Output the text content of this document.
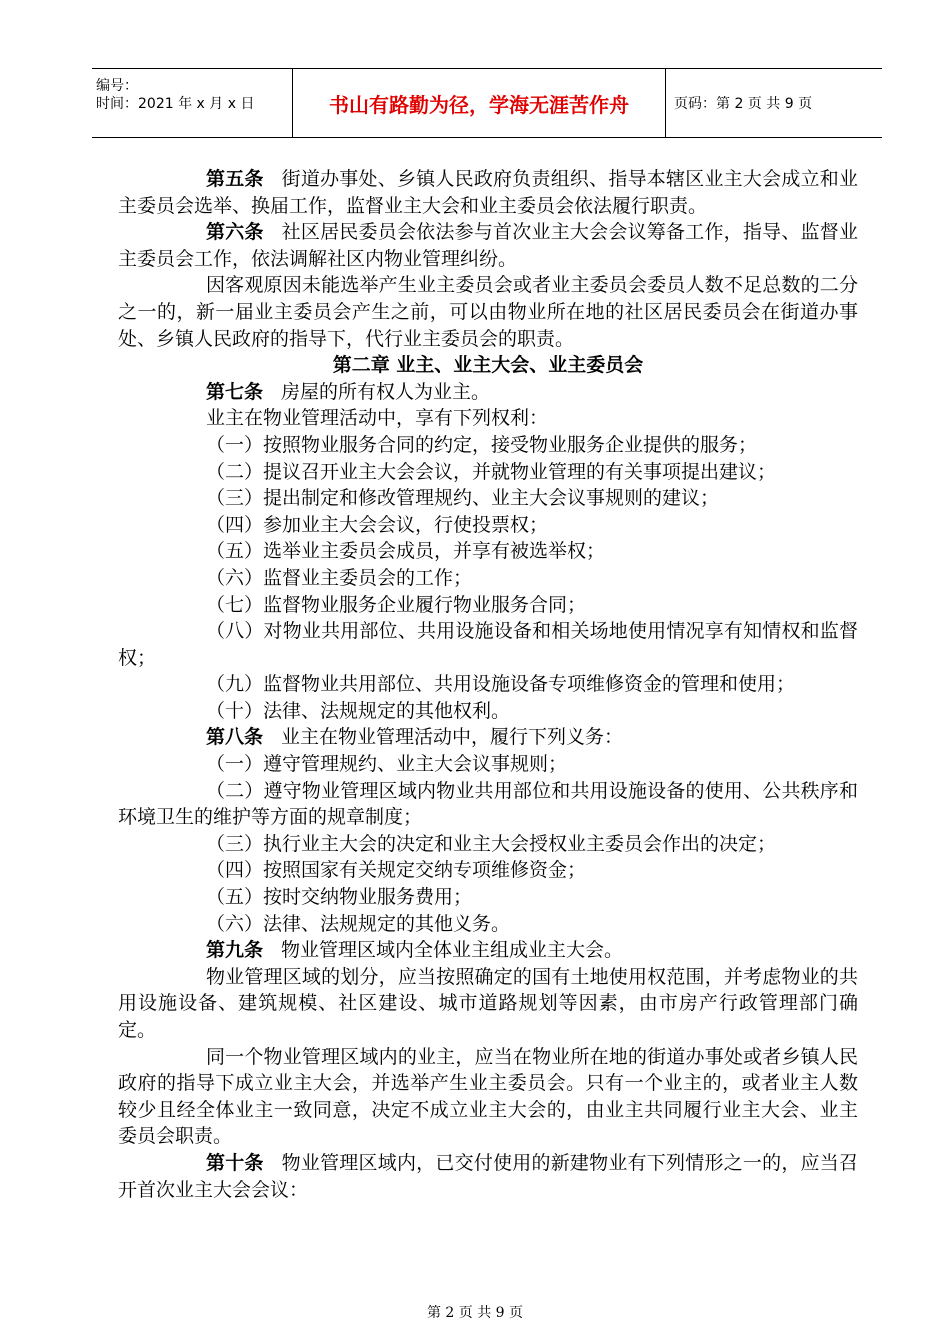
编号：
时间：2021 年 x 月 x 日	书山有路勤为径，学海无涯苦作舟	页码：第 2 页 共 9 页

第五条 街道办事处、乡镇人民政府负责组织、指导本辖区业主大会成立和业主委员会选举、换届工作，监督业主大会和业主委员会依法履行职责。

第六条 社区居民委员会依法参与首次业主大会会议筹备工作，指导、监督业主委员会工作，依法调解社区内物业管理纠纷。

因客观原因未能选举产生业主委员会或者业主委员会委员人数不足总数的二分之一的，新一届业主委员会产生之前，可以由物业所在地的社区居民委员会在街道办事处、乡镇人民政府的指导下，代行业主委员会的职责。

第二章 业主、业主大会、业主委员会

第七条 房屋的所有权人为业主。

业主在物业管理活动中，享有下列权利：

（一）按照物业服务合同的约定，接受物业服务企业提供的服务；

（二）提议召开业主大会会议，并就物业管理的有关事项提出建议；

（三）提出制定和修改管理规约、业主大会议事规则的建议；

（四）参加业主大会会议，行使投票权；

（五）选举业主委员会成员，并享有被选举权；

（六）监督业主委员会的工作；

（七）监督物业服务企业履行物业服务合同；

（八）对物业共用部位、共用设施设备和相关场地使用情况享有知情权和监督权；

（九）监督物业共用部位、共用设施设备专项维修资金的管理和使用；

（十）法律、法规规定的其他权利。

第八条 业主在物业管理活动中，履行下列义务：

（一）遵守管理规约、业主大会议事规则；

（二）遵守物业管理区域内物业共用部位和共用设施设备的使用、公共秩序和环境卫生的维护等方面的规章制度；

（三）执行业主大会的决定和业主大会授权业主委员会作出的决定；

（四）按照国家有关规定交纳专项维修资金；

（五）按时交纳物业服务费用；

（六）法律、法规规定的其他义务。

第九条 物业管理区域内全体业主组成业主大会。

物业管理区域的划分，应当按照确定的国有土地使用权范围，并考虑物业的共用设施设备、建筑规模、社区建设、城市道路规划等因素，由市房产行政管理部门确定。

同一个物业管理区域内的业主，应当在物业所在地的街道办事处或者乡镇人民政府的指导下成立业主大会，并选举产生业主委员会。只有一个业主的，或者业主人数较少且经全体业主一致同意，决定不成立业主大会的，由业主共同履行业主大会、业主委员会职责。

第十条 物业管理区域内，已交付使用的新建物业有下列情形之一的，应当召开首次业主大会会议：

第 2 页 共 9 页
